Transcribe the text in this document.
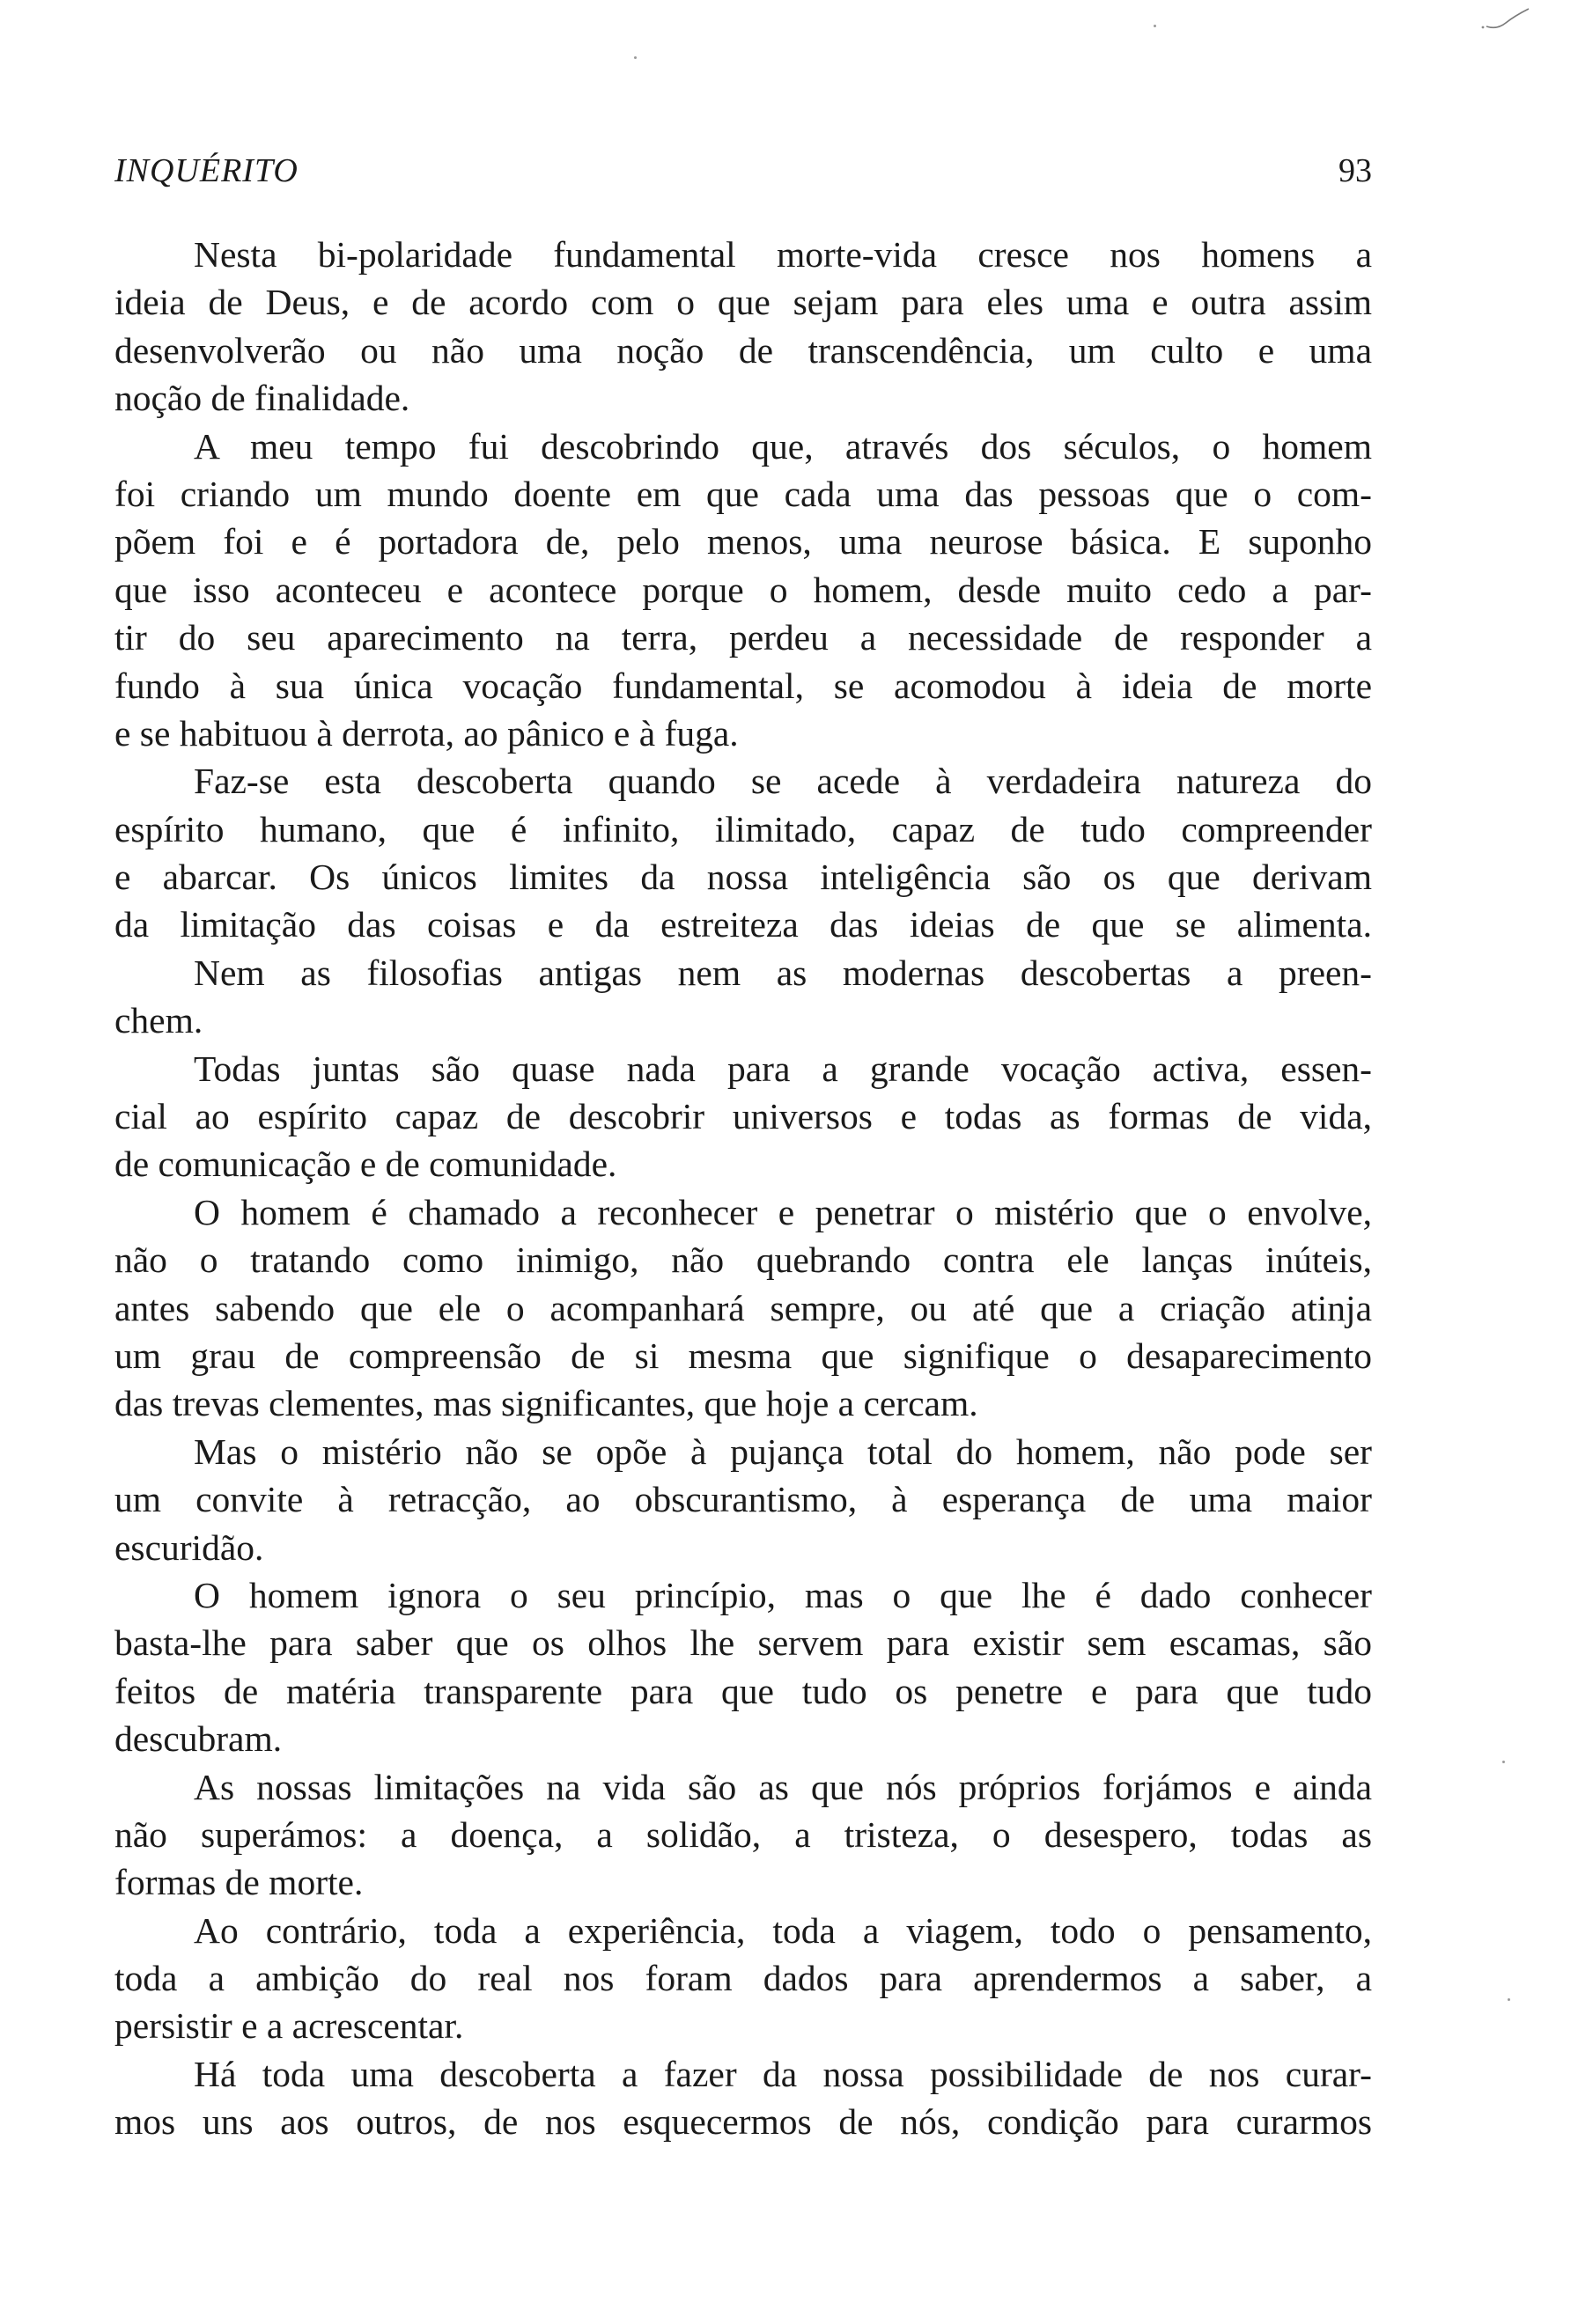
INQUÉRITO	93

Nesta bi-polaridade fundamental morte-vida cresce nos homens a
ideia de Deus, e de acordo com o que sejam para eles uma e outra assim
desenvolverão ou não uma noção de transcendência, um culto e uma
noção de finalidade.

A meu tempo fui descobrindo que, através dos séculos, o homem
foi criando um mundo doente em que cada uma das pessoas que o com-
põem foi e é portadora de, pelo menos, uma neurose básica. E suponho
que isso aconteceu e acontece porque o homem, desde muito cedo a par-
tir do seu aparecimento na terra, perdeu a necessidade de responder a
fundo à sua única vocação fundamental, se acomodou à ideia de morte
e se habituou à derrota, ao pânico e à fuga.

Faz-se esta descoberta quando se acede à verdadeira natureza do
espírito humano, que é infinito, ilimitado, capaz de tudo compreender
e abarcar. Os únicos limites da nossa inteligência são os que derivam
da limitação das coisas e da estreiteza das ideias de que se alimenta.

Nem as filosofias antigas nem as modernas descobertas a preen-
chem.

Todas juntas são quase nada para a grande vocação activa, essen-
cial ao espírito capaz de descobrir universos e todas as formas de vida,
de comunicação e de comunidade.

O homem é chamado a reconhecer e penetrar o mistério que o envolve,
não o tratando como inimigo, não quebrando contra ele lanças inúteis,
antes sabendo que ele o acompanhará sempre, ou até que a criação atinja
um grau de compreensão de si mesma que signifique o desaparecimento
das trevas clementes, mas significantes, que hoje a cercam.

Mas o mistério não se opõe à pujança total do homem, não pode ser
um convite à retracção, ao obscurantismo, à esperança de uma maior
escuridão.

O homem ignora o seu princípio, mas o que lhe é dado conhecer
basta-lhe para saber que os olhos lhe servem para existir sem escamas, são
feitos de matéria transparente para que tudo os penetre e para que tudo
descubram.

As nossas limitações na vida são as que nós próprios forjámos e ainda
não superámos: a doença, a solidão, a tristeza, o desespero, todas as
formas de morte.

Ao contrário, toda a experiência, toda a viagem, todo o pensamento,
toda a ambição do real nos foram dados para aprendermos a saber, a
persistir e a acrescentar.

Há toda uma descoberta a fazer da nossa possibilidade de nos curar-
mos uns aos outros, de nos esquecermos de nós, condição para curarmos
